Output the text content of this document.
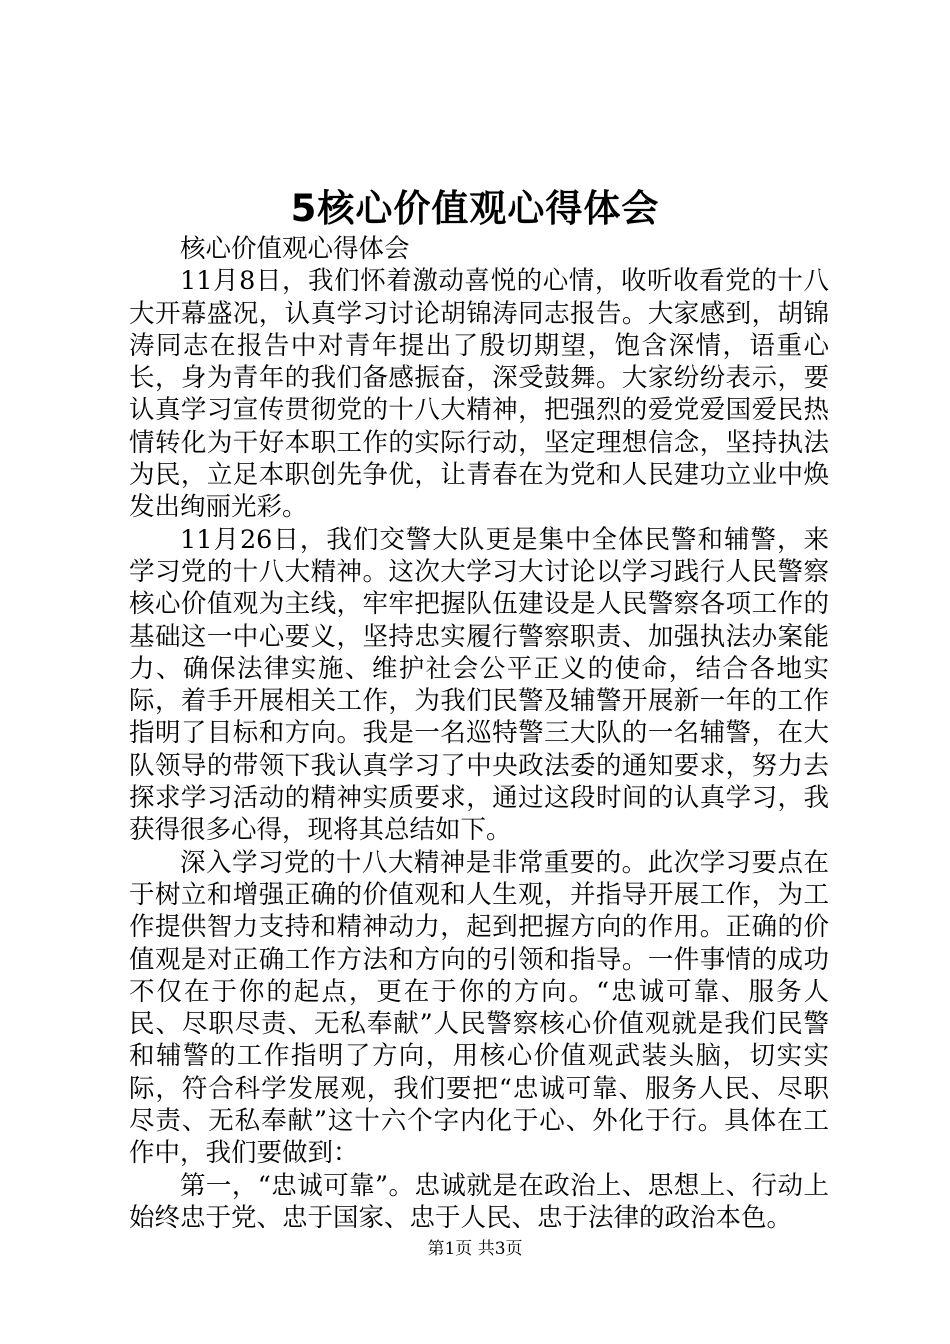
5核心价值观心得体会

核心价值观心得体会

11月8日，我们怀着激动喜悦的心情，收听收看党的十八大开幕盛况，认真学习讨论胡锦涛同志报告。大家感到，胡锦涛同志在报告中对青年提出了殷切期望，饱含深情，语重心长，身为青年的我们备感振奋，深受鼓舞。大家纷纷表示，要认真学习宣传贯彻党的十八大精神，把强烈的爱党爱国爱民热情转化为干好本职工作的实际行动，坚定理想信念，坚持执法为民，立足本职创先争优，让青春在为党和人民建功立业中焕发出绚丽光彩。

11月26日，我们交警大队更是集中全体民警和辅警，来学习党的十八大精神。这次大学习大讨论以学习践行人民警察核心价值观为主线，牢牢把握队伍建设是人民警察各项工作的基础这一中心要义，坚持忠实履行警察职责、加强执法办案能力、确保法律实施、维护社会公平正义的使命，结合各地实际，着手开展相关工作，为我们民警及辅警开展新一年的工作指明了目标和方向。我是一名巡特警三大队的一名辅警，在大队领导的带领下我认真学习了中央政法委的通知要求，努力去探求学习活动的精神实质要求，通过这段时间的认真学习，我获得很多心得，现将其总结如下。

深入学习党的十八大精神是非常重要的。此次学习要点在于树立和增强正确的价值观和人生观，并指导开展工作，为工作提供智力支持和精神动力，起到把握方向的作用。正确的价值观是对正确工作方法和方向的引领和指导。一件事情的成功不仅在于你的起点，更在于你的方向。“忠诚可靠、服务人民、尽职尽责、无私奉献”人民警察核心价值观就是我们民警和辅警的工作指明了方向，用核心价值观武装头脑，切实实际，符合科学发展观，我们要把“忠诚可靠、服务人民、尽职尽责、无私奉献”这十六个字内化于心、外化于行。具体在工作中，我们要做到：

第一，“忠诚可靠”。忠诚就是在政治上、思想上、行动上始终忠于党、忠于国家、忠于人民、忠于法律的政治本色。

第1页 共3页
